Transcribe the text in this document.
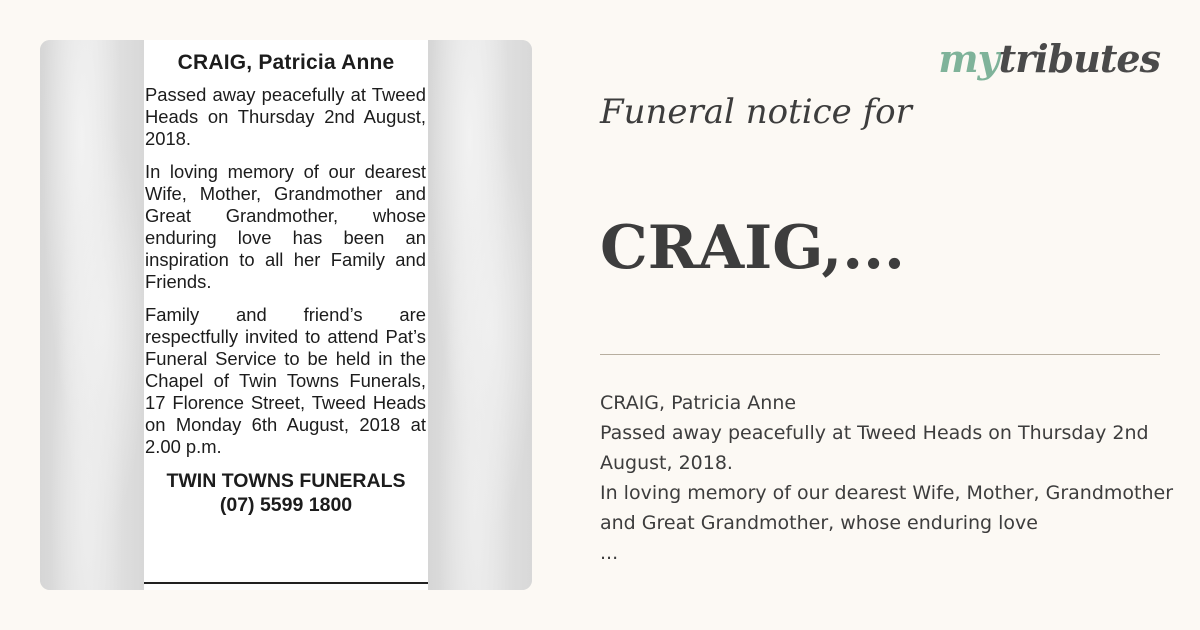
CRAIG, Patricia Anne

Passed away peacefully at Tweed Heads on Thursday 2nd August, 2018.

In loving memory of our dearest Wife, Mother, Grandmother and Great Grandmother, whose enduring love has been an inspiration to all her Family and Friends.

Family and friend’s are respectfully invited to attend Pat’s Funeral Service to be held in the Chapel of Twin Towns Funerals, 17 Florence Street, Tweed Heads on Monday 6th August, 2018 at 2.00 p.m.

TWIN TOWNS FUNERALS
(07) 5599 1800
mytributes
Funeral notice for
CRAIG,...
CRAIG, Patricia Anne
Passed away peacefully at Tweed Heads on Thursday 2nd August, 2018.
In loving memory of our dearest Wife, Mother, Grandmother and Great Grandmother, whose enduring love
...
